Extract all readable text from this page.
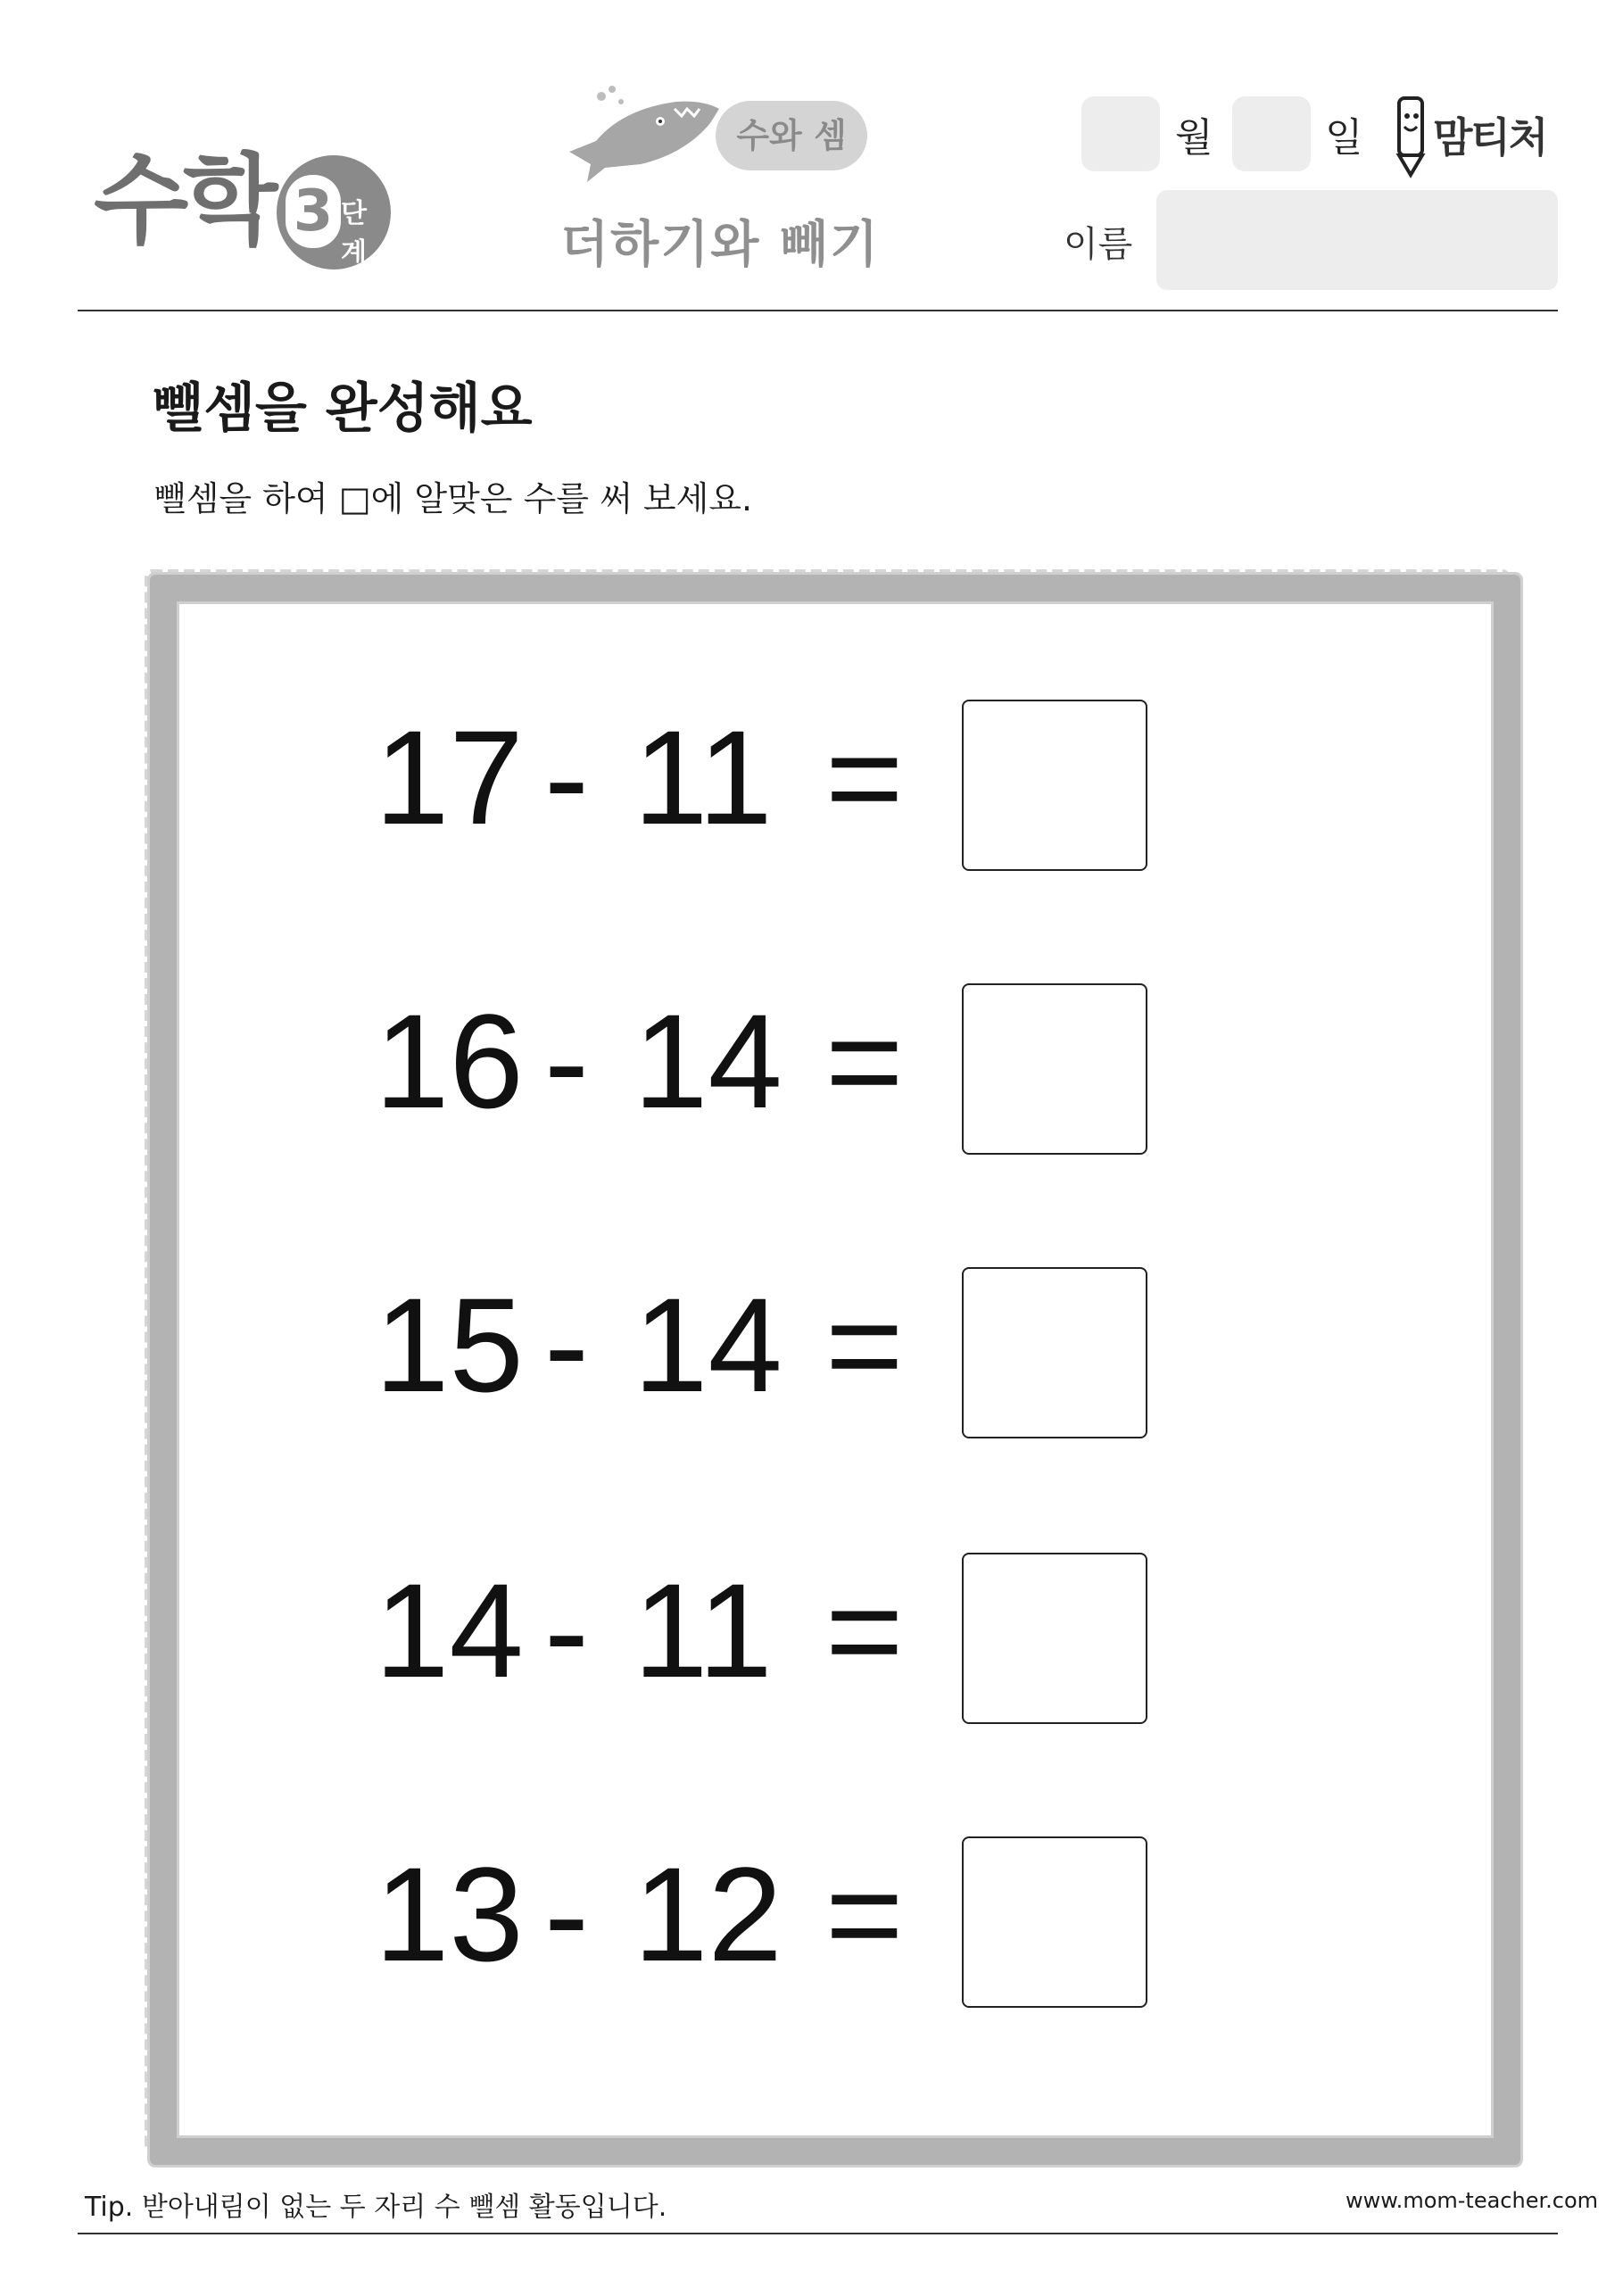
수학 3 단계
수와 셈
더하기와 빼기
월	일 맘티처
이름
뺄셈을 완성해요
뺄셈을 하여 □에 알맞은 수를 써 보세요.
17 - 11 =
16 - 14 =
15 - 14 =
14 - 11 =
13 - 12 =
Tip. 받아내림이 없는 두 자리 수 뺄셈 활동입니다.	www.mom-teacher.com
